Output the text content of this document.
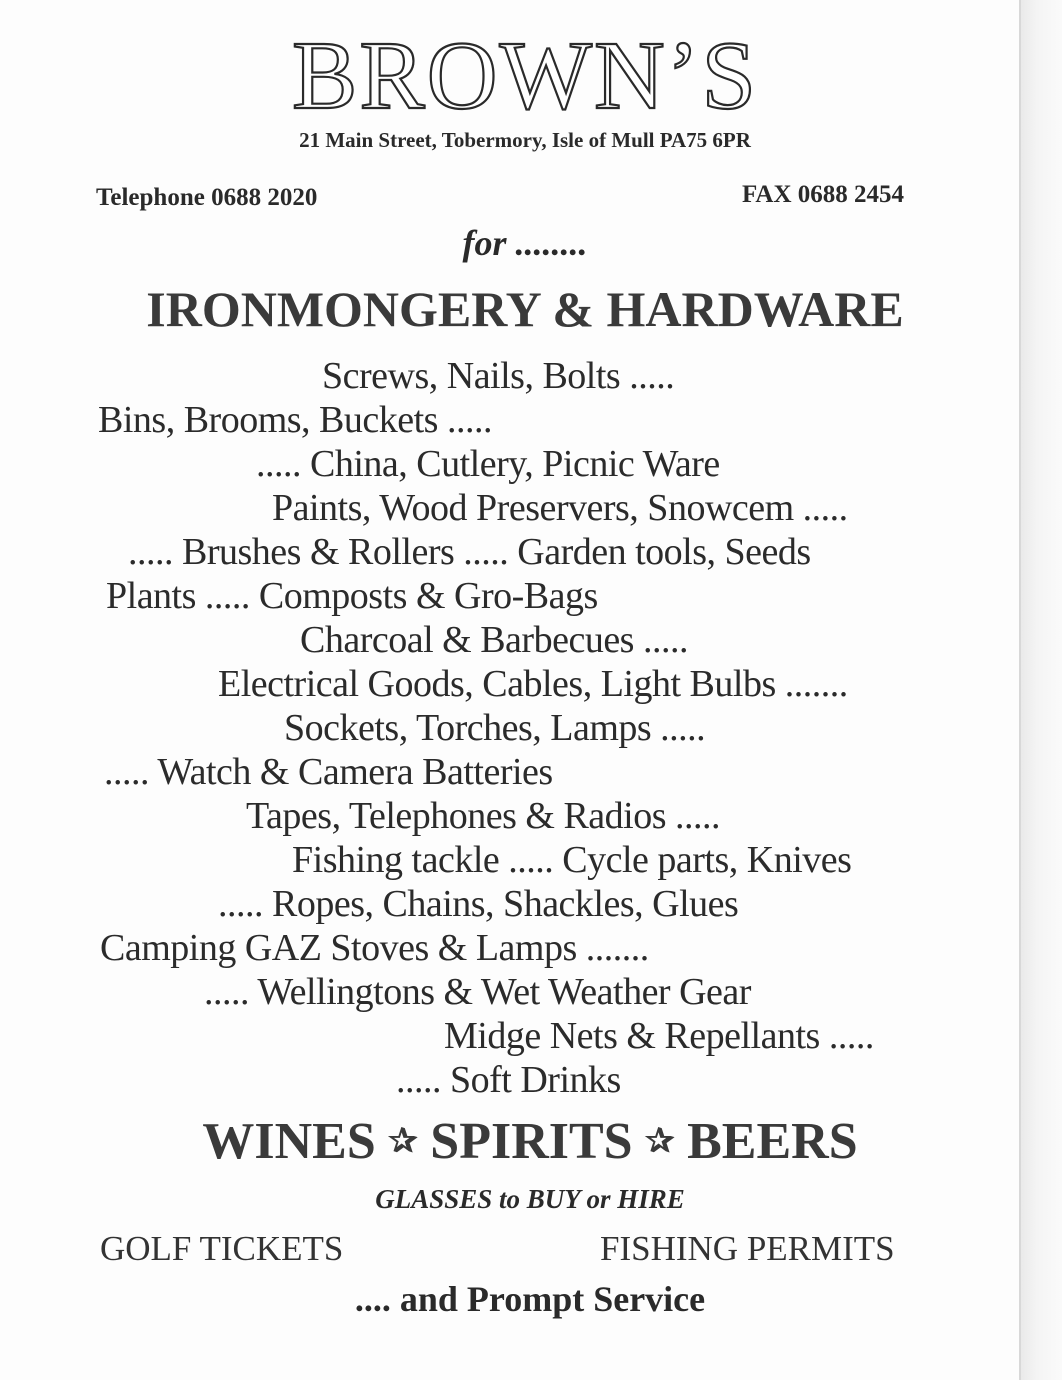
BROWN’S
21 Main Street, Tobermory, Isle of Mull PA75 6PR
Telephone 0688 2020	FAX 0688 2454
for ........
IRONMONGERY & HARDWARE
Screws, Nails, Bolts .....
Bins, Brooms, Buckets .....
..... China, Cutlery, Picnic Ware
Paints, Wood Preservers, Snowcem .....
..... Brushes & Rollers ..... Garden tools, Seeds
Plants ..... Composts & Gro-Bags
Charcoal & Barbecues .....
Electrical Goods, Cables, Light Bulbs .......
Sockets, Torches, Lamps .....
..... Watch & Camera Batteries
Tapes, Telephones & Radios .....
Fishing tackle ..... Cycle parts, Knives
..... Ropes, Chains, Shackles, Glues
Camping GAZ Stoves & Lamps .......
..... Wellingtons & Wet Weather Gear
Midge Nets & Repellants .....
..... Soft Drinks
WINES ✰ SPIRITS ✰ BEERS
GLASSES to BUY or HIRE
GOLF TICKETS	FISHING PERMITS
.... and Prompt Service
